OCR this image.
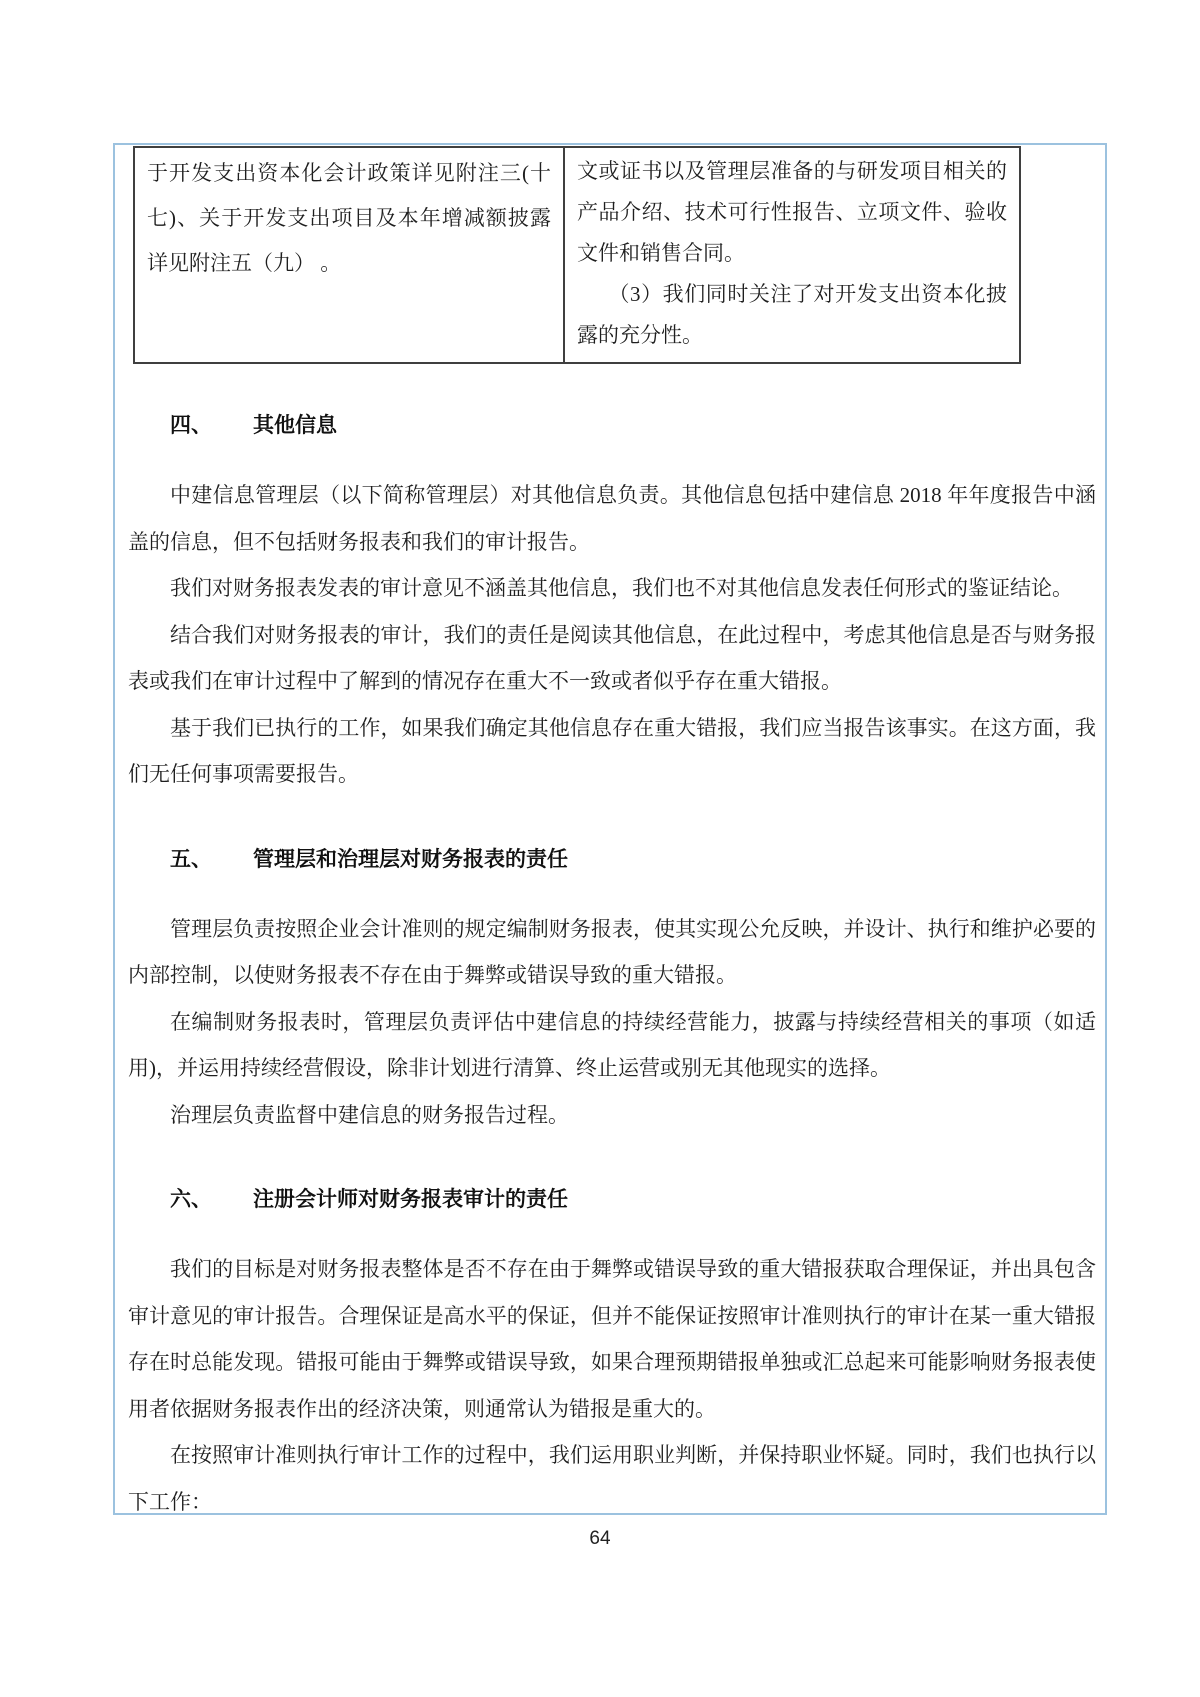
于开发支出资本化会计政策详见附注三(十七)、关于开发支出项目及本年增减额披露详见附注五（九） 。

文或证书以及管理层准备的与研发项目相关的产品介绍、技术可行性报告、立项文件、验收文件和销售合同。

（3）我们同时关注了对开发支出资本化披露的充分性。

四、 其他信息

中建信息管理层（以下简称管理层）对其他信息负责。其他信息包括中建信息 2018 年年度报告中涵盖的信息，但不包括财务报表和我们的审计报告。

我们对财务报表发表的审计意见不涵盖其他信息，我们也不对其他信息发表任何形式的鉴证结论。

结合我们对财务报表的审计，我们的责任是阅读其他信息，在此过程中，考虑其他信息是否与财务报表或我们在审计过程中了解到的情况存在重大不一致或者似乎存在重大错报。

基于我们已执行的工作，如果我们确定其他信息存在重大错报，我们应当报告该事实。在这方面，我们无任何事项需要报告。

五、 管理层和治理层对财务报表的责任

管理层负责按照企业会计准则的规定编制财务报表，使其实现公允反映，并设计、执行和维护必要的内部控制，以使财务报表不存在由于舞弊或错误导致的重大错报。

在编制财务报表时，管理层负责评估中建信息的持续经营能力，披露与持续经营相关的事项（如适用)，并运用持续经营假设，除非计划进行清算、终止运营或别无其他现实的选择。

治理层负责监督中建信息的财务报告过程。

六、 注册会计师对财务报表审计的责任

我们的目标是对财务报表整体是否不存在由于舞弊或错误导致的重大错报获取合理保证，并出具包含审计意见的审计报告。合理保证是高水平的保证，但并不能保证按照审计准则执行的审计在某一重大错报存在时总能发现。错报可能由于舞弊或错误导致，如果合理预期错报单独或汇总起来可能影响财务报表使用者依据财务报表作出的经济决策，则通常认为错报是重大的。

在按照审计准则执行审计工作的过程中，我们运用职业判断，并保持职业怀疑。同时，我们也执行以下工作：

64
